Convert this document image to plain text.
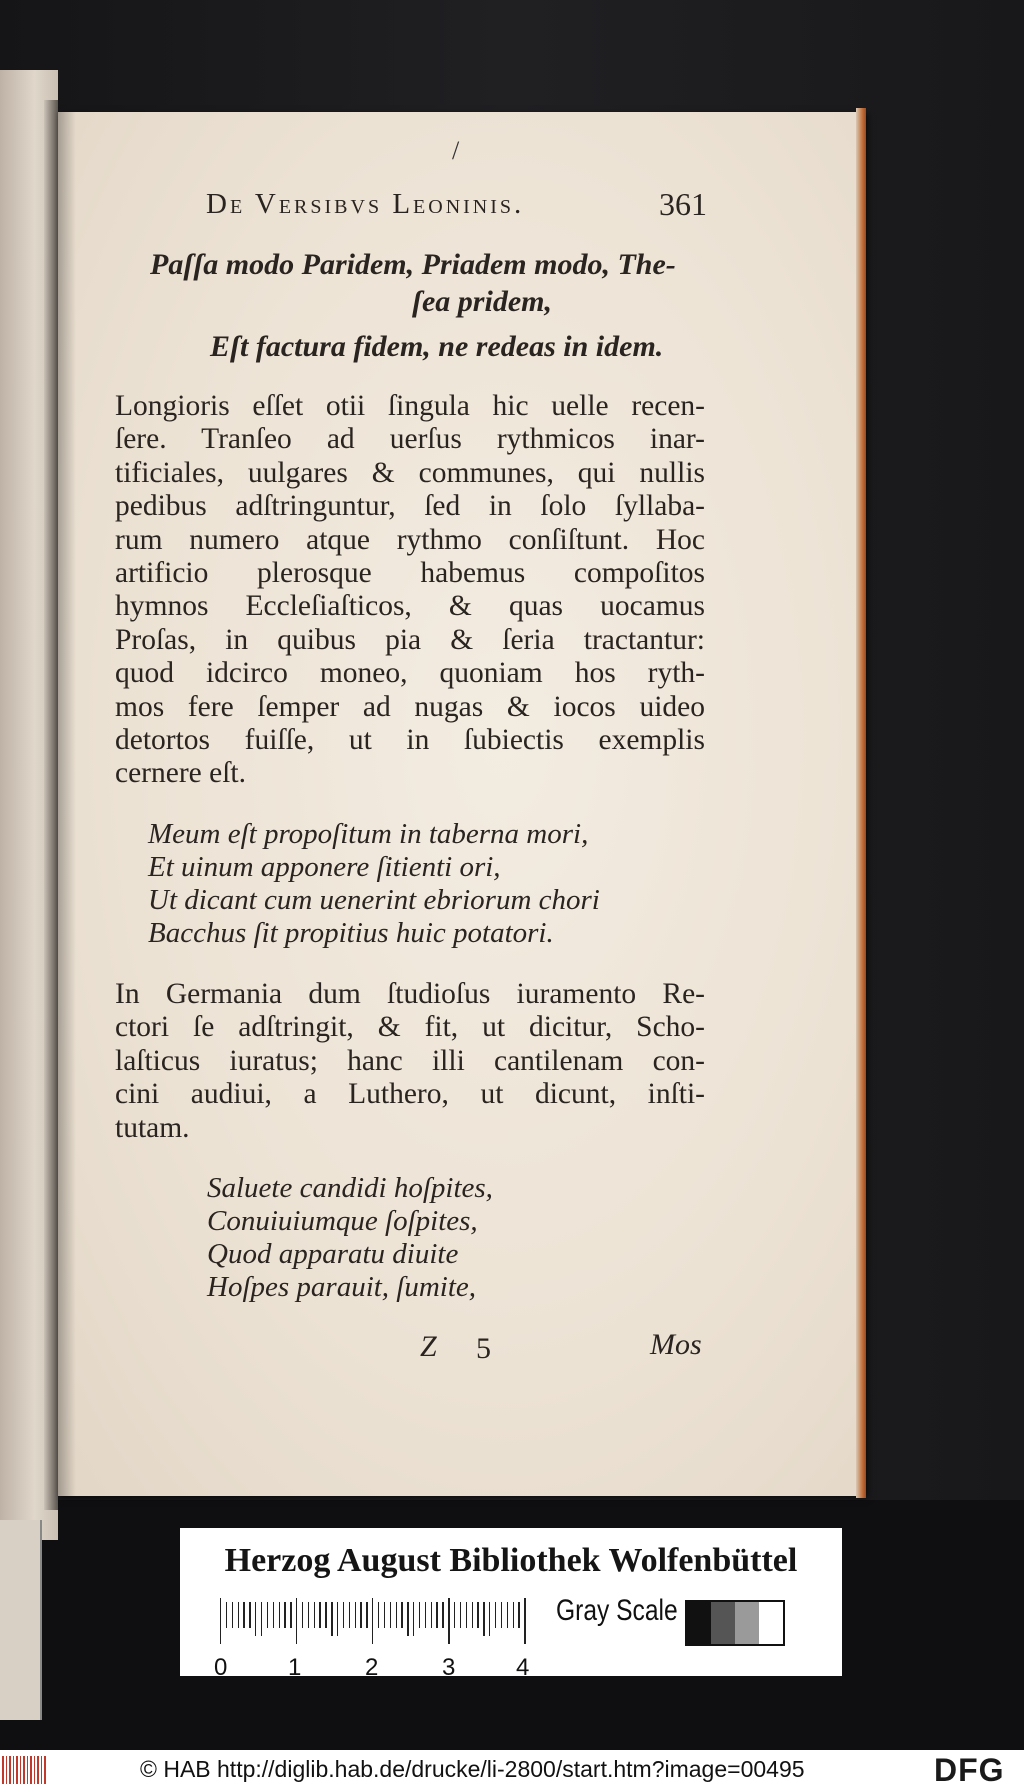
/
De Versibvs Leoninis.	361
Paſſa modo Paridem, Priadem modo, The-
ſea pridem,
Eſt factura fidem, ne redeas in idem.
Longioris eſſet otii ſingula hic uelle recen-
ſere. Tranſeo ad uerſus rythmicos inar-
tificiales, uulgares & communes, qui nullis
pedibus adſtringuntur, ſed in ſolo ſyllaba-
rum numero atque rythmo conſiſtunt. Hoc
artificio plerosque habemus compoſitos
hymnos Eccleſiaſticos, & quas uocamus
Proſas, in quibus pia & ſeria tractantur:
quod idcirco moneo, quoniam hos ryth-
mos fere ſemper ad nugas & iocos uideo
detortos fuiſſe, ut in ſubiectis exemplis
cernere eſt.
Meum eſt propoſitum in taberna mori,
Et uinum apponere ſitienti ori,
Ut dicant cum uenerint ebriorum chori
Bacchus ſit propitius huic potatori.
In Germania dum ſtudioſus iuramento Re-
ctori ſe adſtringit, & fit, ut dicitur, Scho-
laſticus iuratus; hanc illi cantilenam con-
cini audiui, a Luthero, ut dicunt, inſti-
tutam.
Saluete candidi hoſpites,
Conuiuiumque ſoſpites,
Quod apparatu diuite
Hoſpes parauit, ſumite,
Z 5	Mos
Herzog August Bibliothek Wolfenbüttel
0	1	2	3	4
Gray Scale
© HAB http://diglib.hab.de/drucke/li-2800/start.htm?image=00495	DFG
